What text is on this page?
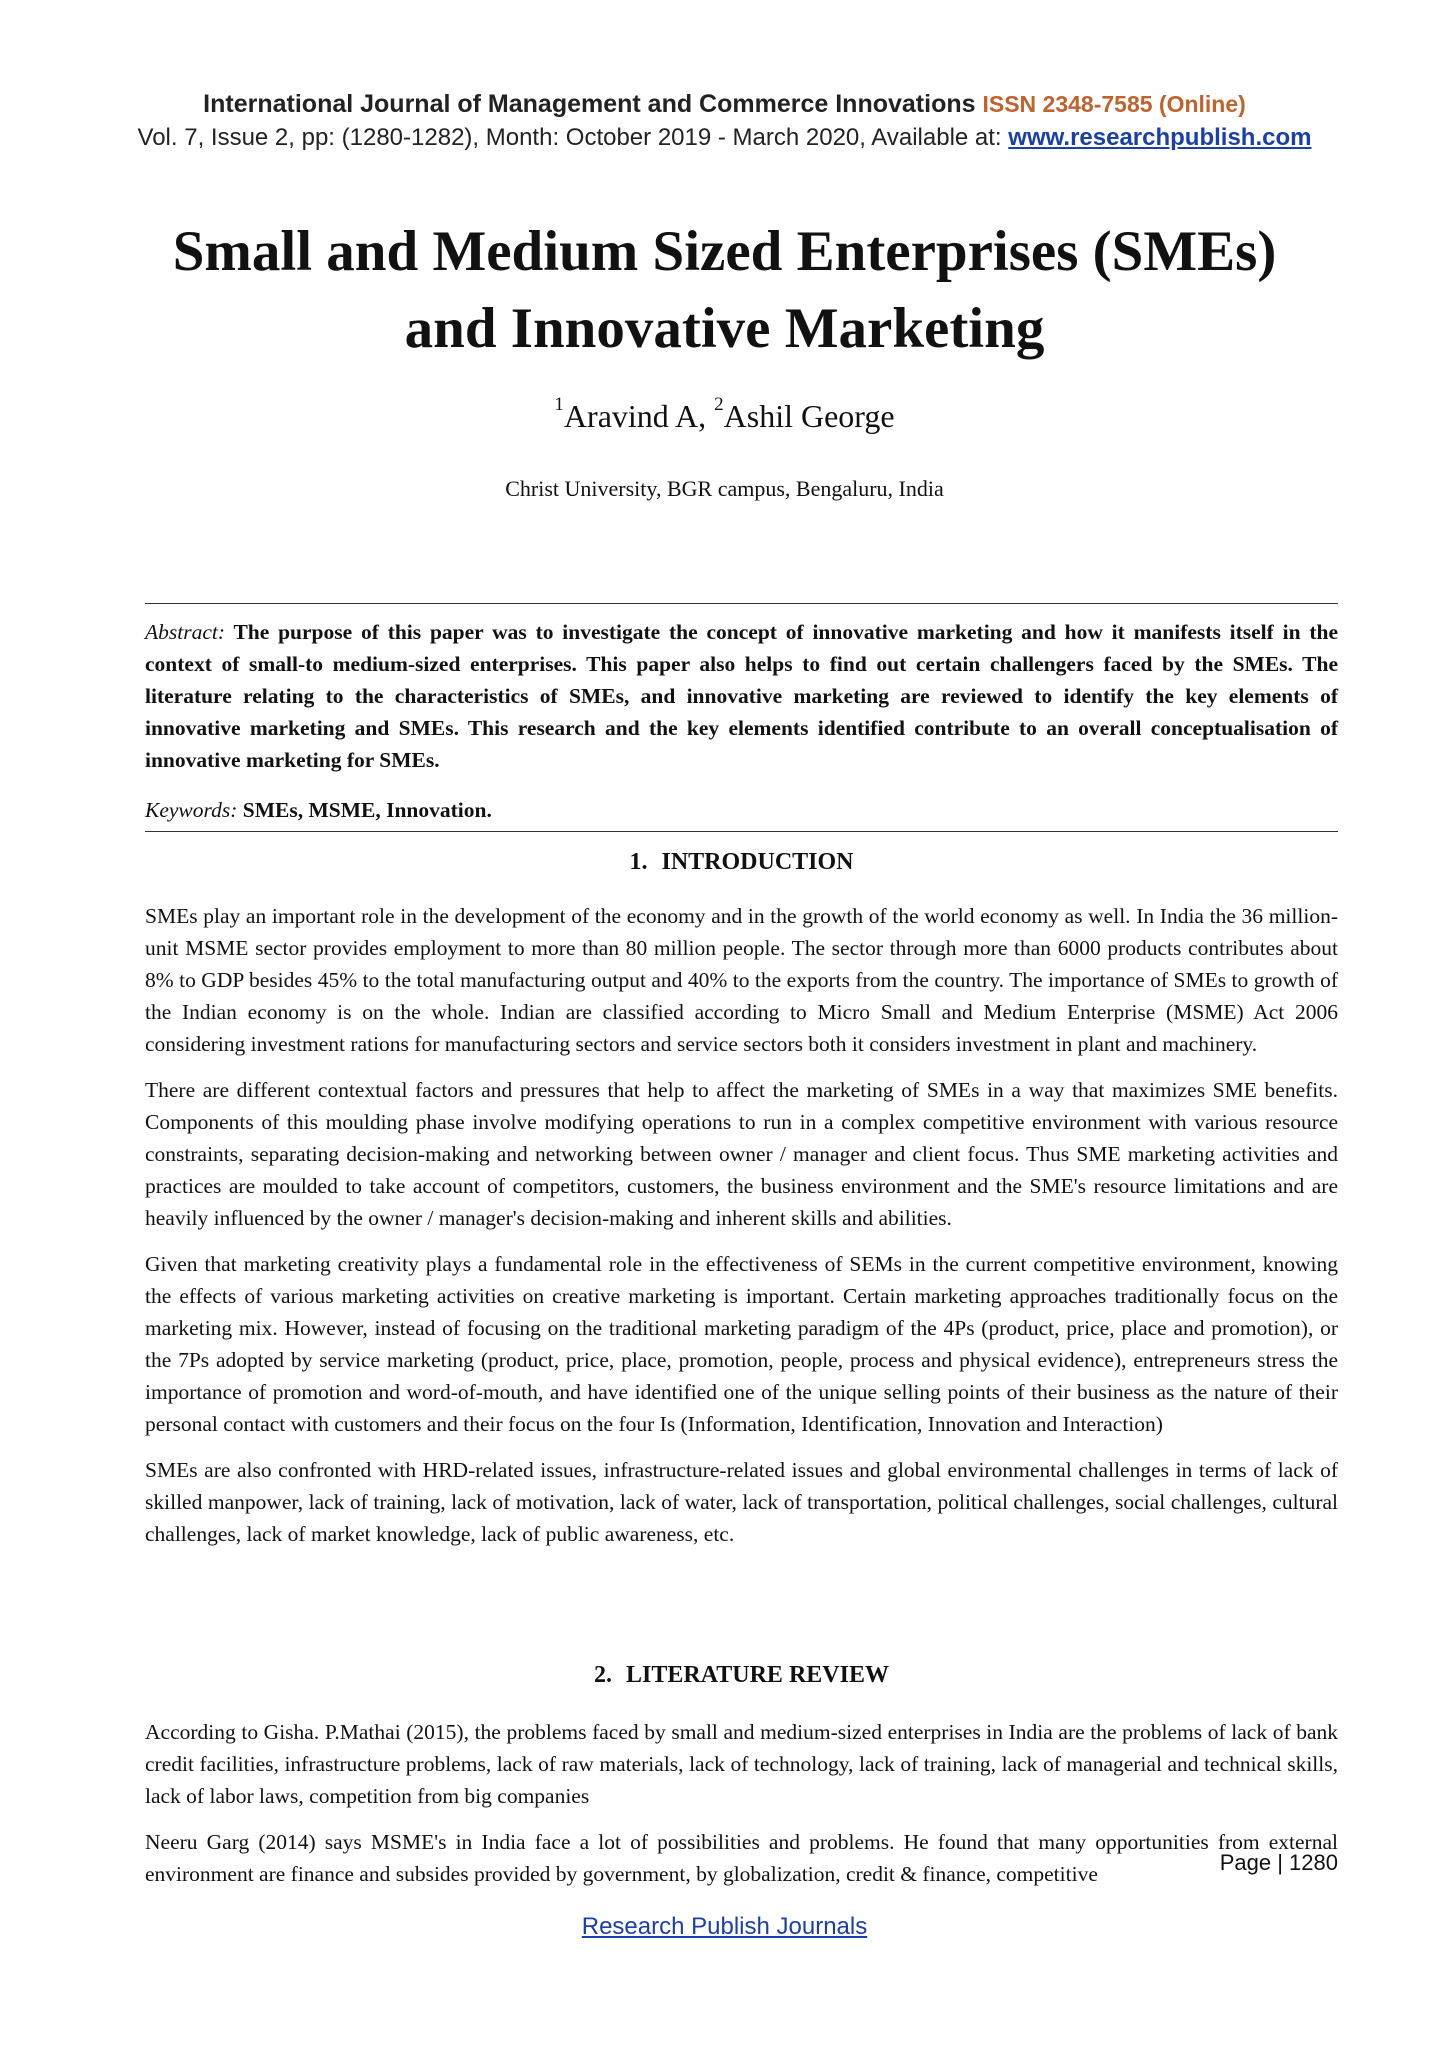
International Journal of Management and Commerce Innovations ISSN 2348-7585 (Online)
Vol. 7, Issue 2, pp: (1280-1282), Month: October 2019 - March 2020, Available at: www.researchpublish.com
Small and Medium Sized Enterprises (SMEs)
and Innovative Marketing
$^1$Aravind A, $^2$Ashil George
Christ University, BGR campus, Bengaluru, India
Abstract: The purpose of this paper was to investigate the concept of innovative marketing and how it manifests itself in the context of small-to medium-sized enterprises. This paper also helps to find out certain challengers faced by the SMEs. The literature relating to the characteristics of SMEs, and innovative marketing are reviewed to identify the key elements of innovative marketing and SMEs. This research and the key elements identified contribute to an overall conceptualisation of innovative marketing for SMEs.
Keywords: SMEs, MSME, Innovation.
1. INTRODUCTION

SMEs play an important role in the development of the economy and in the growth of the world economy as well. In India the 36 million-unit MSME sector provides employment to more than 80 million people. The sector through more than 6000 products contributes about 8% to GDP besides 45% to the total manufacturing output and 40% to the exports from the country. The importance of SMEs to growth of the Indian economy is on the whole. Indian are classified according to Micro Small and Medium Enterprise (MSME) Act 2006 considering investment rations for manufacturing sectors and service sectors both it considers investment in plant and machinery.

There are different contextual factors and pressures that help to affect the marketing of SMEs in a way that maximizes SME benefits. Components of this moulding phase involve modifying operations to run in a complex competitive environment with various resource constraints, separating decision-making and networking between owner / manager and client focus. Thus SME marketing activities and practices are moulded to take account of competitors, customers, the business environment and the SME's resource limitations and are heavily influenced by the owner / manager's decision-making and inherent skills and abilities.

Given that marketing creativity plays a fundamental role in the effectiveness of SEMs in the current competitive environment, knowing the effects of various marketing activities on creative marketing is important. Certain marketing approaches traditionally focus on the marketing mix. However, instead of focusing on the traditional marketing paradigm of the 4Ps (product, price, place and promotion), or the 7Ps adopted by service marketing (product, price, place, promotion, people, process and physical evidence), entrepreneurs stress the importance of promotion and word-of-mouth, and have identified one of the unique selling points of their business as the nature of their personal contact with customers and their focus on the four Is (Information, Identification, Innovation and Interaction)

SMEs are also confronted with HRD-related issues, infrastructure-related issues and global environmental challenges in terms of lack of skilled manpower, lack of training, lack of motivation, lack of water, lack of transportation, political challenges, social challenges, cultural challenges, lack of market knowledge, lack of public awareness, etc.

2. LITERATURE REVIEW

According to Gisha. P.Mathai (2015), the problems faced by small and medium-sized enterprises in India are the problems of lack of bank credit facilities, infrastructure problems, lack of raw materials, lack of technology, lack of training, lack of managerial and technical skills, lack of labor laws, competition from big companies

Neeru Garg (2014) says MSME's in India face a lot of possibilities and problems. He found that many opportunities from external environment are finance and subsides provided by government, by globalization, credit & finance, competitive	Page | 1280
Research Publish Journals
